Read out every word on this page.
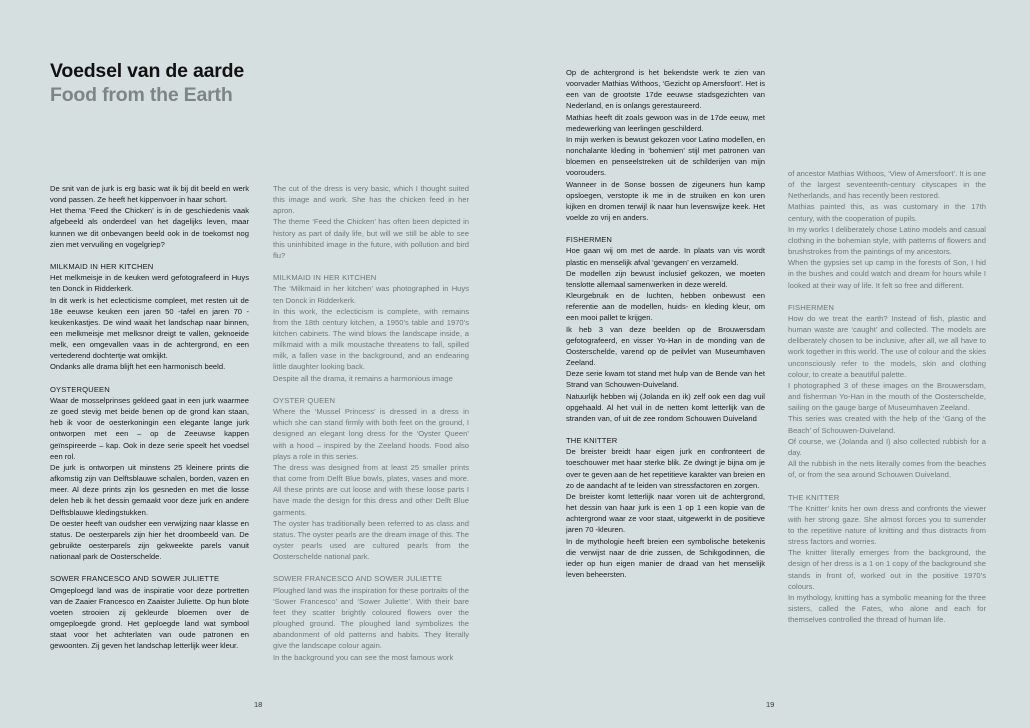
Voedsel van de aarde
Food from the Earth

De snit van de jurk is erg basic wat ik bij dit beeld en werk vond passen. Ze heeft het kippenvoer in haar schort.

Het thema ‘Feed the Chicken’ is in de geschiedenis vaak afgebeeld als onderdeel van het dagelijks leven, maar kunnen we dit onbevangen beeld ook in de toekomst nog zien met vervuiling en vogelgriep?

MILKMAID IN HER KITCHEN

Het melkmeisje in de keuken werd gefotografeerd in Huys ten Donck in Ridderkerk.

In dit werk is het eclecticisme compleet, met resten uit de 18e eeuwse keuken een jaren 50 -tafel en jaren 70 - keukenkastjes. De wind waait het landschap naar binnen, een melkmeisje met melksnor dreigt te vallen, geknoeide melk, een omgevallen vaas in de achtergrond, en een vertederend dochtertje wat omkijkt.

Ondanks alle drama blijft het een harmonisch beeld.

OYSTERQUEEN

Waar de mosselprinses gekleed gaat in een jurk waarmee ze goed stevig met beide benen op de grond kan staan, heb ik voor de oesterkoningin een elegante lange jurk ontworpen met een – op de Zeeuwse kappen geïnspireerde – kap. Ook in deze serie speelt het voedsel een rol.

De jurk is ontworpen uit minstens 25 kleinere prints die afkomstig zijn van Delftsblauwe schalen, borden, vazen en meer. Al deze prints zijn los gesneden en met die losse delen heb ik het dessin gemaakt voor deze jurk en andere Delftsblauwe kledingstukken.

De oester heeft van oudsher een verwijzing naar klasse en status. De oesterparels zijn hier het droombeeld van. De gebruikte oesterparels zijn gekweekte parels vanuit nationaal park de Oosterschelde.

SOWER FRANCESCO AND SOWER JULIETTE

Omgeploegd land was de inspiratie voor deze portretten van de Zaaier Francesco en Zaaister Juliette. Op hun blote voeten strooien zij gekleurde bloemen over de omgeploegde grond. Het geploegde land wat symbool staat voor het achterlaten van oude patronen en gewoonten. Zij geven het landschap letterlijk weer kleur.

The cut of the dress is very basic, which I thought suited this image and work. She has the chicken feed in her apron.

The theme ‘Feed the Chicken’ has often been depicted in history as part of daily life, but will we still be able to see this uninhibited image in the future, with pollution and bird flu?

MILKMAID IN HER KITCHEN

The ‘Milkmaid in her kitchen’ was photographed in Huys ten Donck in Ridderkerk.

In this work, the eclecticism is complete, with remains from the 18th century kitchen, a 1950’s table and 1970’s kitchen cabinets. The wind blows the landscape inside, a milkmaid with a milk moustache threatens to fall, spilled milk, a fallen vase in the background, and an endearing little daughter looking back.

Despite all the drama, it remains a harmonious image

OYSTER QUEEN

Where the ‘Mussel Princess’ is dressed in a dress in which she can stand firmly with both feet on the ground, I designed an elegant long dress for the ‘Oyster Queen’ with a hood – inspired by the Zeeland hoods. Food also plays a role in this series.

The dress was designed from at least 25 smaller prints that come from Delft Blue bowls, plates, vases and more. All these prints are cut loose and with these loose parts I have made the design for this dress and other Delft Blue garments.

The oyster has traditionally been referred to as class and status. The oyster pearls are the dream image of this. The oyster pearls used are cultured pearls from the Oosterschelde national park.

SOWER FRANCESCO AND SOWER JULIETTE

Ploughed land was the inspiration for these portraits of the ‘Sower Francesco’ and ‘Sower Juliette’. With their bare feet they scatter brightly coloured flowers over the ploughed ground. The ploughed land symbolizes the abandonment of old patterns and habits. They literally give the landscape colour again.

In the background you can see the most famous work

Op de achtergrond is het bekendste werk te zien van voorvader Mathias Withoos, ‘Gezicht op Amersfoort’. Het is een van de grootste 17de eeuwse stadsgezichten van Nederland, en is onlangs gerestaureerd.

Mathias heeft dit zoals gewoon was in de 17de eeuw, met medewerking van leerlingen geschilderd.

In mijn werken is bewust gekozen voor Latino modellen, en nonchalante kleding in ‘bohemien’ stijl met patronen van bloemen en penseelstreken uit de schilderijen van mijn voorouders.

Wanneer in de Sonse bossen de zigeuners hun kamp opsloegen, verstopte ik me in de struiken en kon uren kijken en dromen terwijl ik naar hun levenswijze keek. Het voelde zo vrij en anders.

FISHERMEN

Hoe gaan wij om met de aarde. In plaats van vis wordt plastic en menselijk afval ‘gevangen’ en verzameld.

De modellen zijn bewust inclusief gekozen, we moeten tenslotte allemaal samenwerken in deze wereld.

Kleurgebruik en de luchten, hebben onbewust een referentie aan de modellen, huids- en kleding kleur, om een mooi pallet te krijgen.

Ik heb 3 van deze beelden op de Brouwersdam gefotografeerd, en visser Yo-Han in de monding van de Oosterschelde, varend op de peilvlet van Museumhaven Zeeland.

Deze serie kwam tot stand met hulp van de Bende van het Strand van Schouwen-Duiveland.

Natuurlijk hebben wij (Jolanda en ik) zelf ook een dag vuil opgehaald. Al het vuil in de netten komt letterlijk van de stranden van, of uit de zee rondom Schouwen Duiveland

THE KNITTER

De breister breidt haar eigen jurk en confronteert de toeschouwer met haar sterke blik. Ze dwingt je bijna om je over te geven aan de het repetitieve karakter van breien en zo de aandacht af te leiden van stressfactoren en zorgen.

De breister komt letterlijk naar voren uit de achtergrond, het dessin van haar jurk is een 1 op 1 een kopie van de achtergrond waar ze voor staat, uitgewerkt in de positieve jaren 70 -kleuren.

In de mythologie heeft breien een symbolische betekenis die verwijst naar de drie zussen, de Schikgodinnen, die ieder op hun eigen manier de draad van het menselijk leven beheersten.

of ancestor Mathias Withoos, ‘View of Amersfoort’. It is one of the largest seventeenth-century cityscapes in the Netherlands, and has recently been restored.

Mathias painted this, as was customary in the 17th century, with the cooperation of pupils.

In my works I deliberately chose Latino models and casual clothing in the bohemian style, with patterns of flowers and brushstrokes from the paintings of my ancestors.

When the gypsies set up camp in the forests of Son, I hid in the bushes and could watch and dream for hours while I looked at their way of life. It felt so free and different.

FISHERMEN

How do we treat the earth? Instead of fish, plastic and human waste are ‘caught’ and collected. The models are deliberately chosen to be inclusive, after all, we all have to work together in this world. The use of colour and the skies unconsciously refer to the models, skin and clothing colour, to create a beautiful palette.

I photographed 3 of these images on the Brouwersdam, and fisherman Yo-Han in the mouth of the Oosterschelde, sailing on the gauge barge of Museumhaven Zeeland.

This series was created with the help of the ‘Gang of the Beach’ of Schouwen-Duiveland.

Of course, we (Jolanda and I) also collected rubbish for a day.

All the rubbish in the nets literally comes from the beaches of, or from the sea around Schouwen Duiveland.

THE KNITTER

‘The Knitter’ knits her own dress and confronts the viewer with her strong gaze. She almost forces you to surrender to the repetitive nature of knitting and thus distracts from stress factors and worries.

The knitter literally emerges from the background, the design of her dress is a 1 on 1 copy of the background she stands in front of, worked out in the positive 1970’s colours.

In mythology, knitting has a symbolic meaning for the three sisters, called the Fates, who alone and each for themselves controlled the thread of human life.

18	19
